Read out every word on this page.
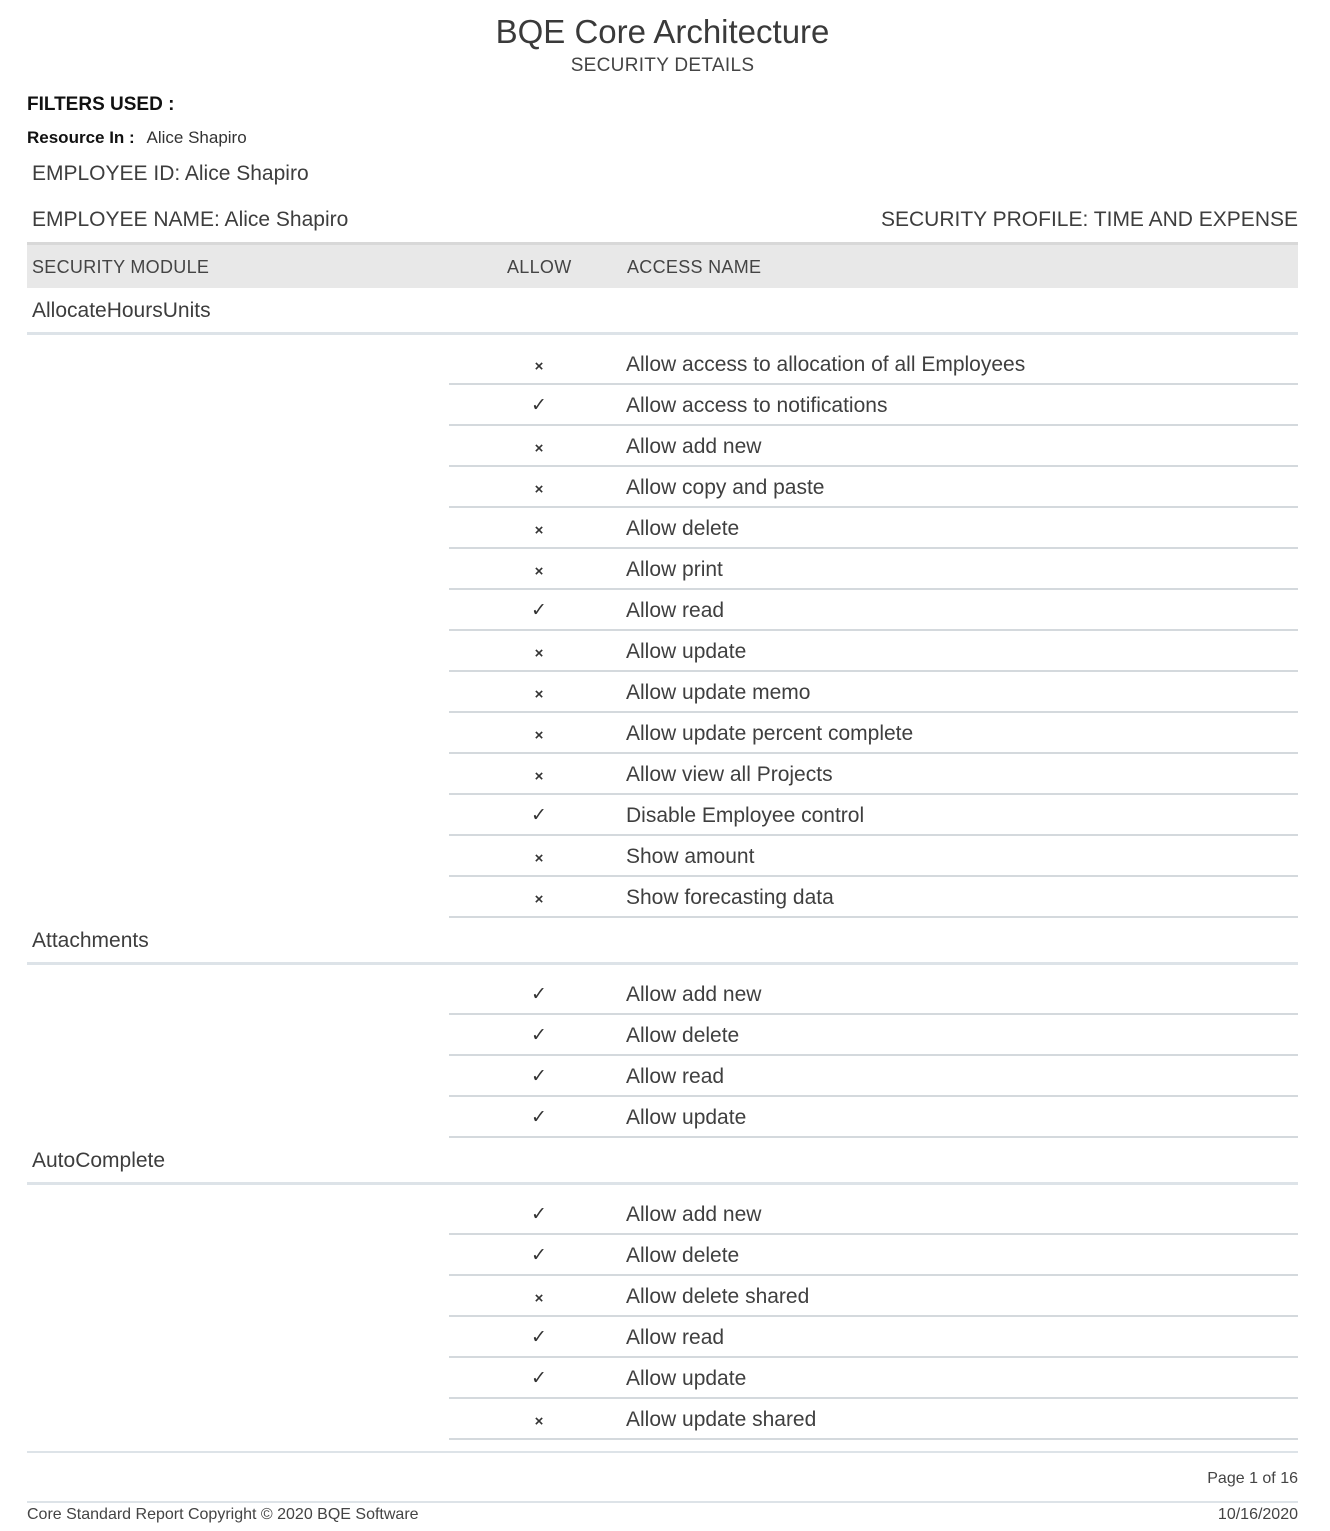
BQE Core Architecture
SECURITY DETAILS
FILTERS USED :
Resource In : Alice Shapiro
EMPLOYEE ID: Alice Shapiro
EMPLOYEE NAME: Alice Shapiro	SECURITY PROFILE: TIME AND EXPENSE
SECURITY MODULE	ALLOW	ACCESS NAME
AllocateHoursUnits
×	Allow access to allocation of all Employees
✓	Allow access to notifications
×	Allow add new
×	Allow copy and paste
×	Allow delete
×	Allow print
✓	Allow read
×	Allow update
×	Allow update memo
×	Allow update percent complete
×	Allow view all Projects
✓	Disable Employee control
×	Show amount
×	Show forecasting data
Attachments
✓	Allow add new
✓	Allow delete
✓	Allow read
✓	Allow update
AutoComplete
✓	Allow add new
✓	Allow delete
×	Allow delete shared
✓	Allow read
✓	Allow update
×	Allow update shared
Page 1 of 16
Core Standard Report Copyright © 2020 BQE Software	10/16/2020
